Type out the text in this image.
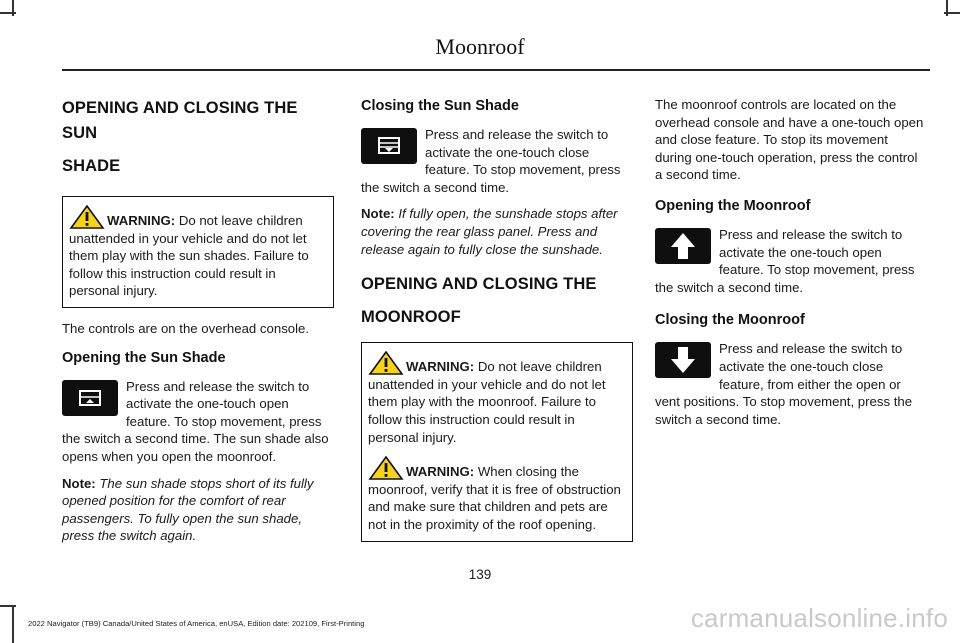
Moonroof
OPENING AND CLOSING THE SUN
SHADE
WARNING: Do not leave children unattended in your vehicle and do not let them play with the sun shades. Failure to follow this instruction could result in personal injury.

The controls are on the overhead console.

Opening the Sun Shade

Press and release the switch to activate the one-touch open feature. To stop movement, press the switch a second time. The sun shade also opens when you open the moonroof.

Note: The sun shade stops short of its fully opened position for the comfort of rear passengers. To fully open the sun shade, press the switch again.

Closing the Sun Shade

Press and release the switch to activate the one-touch close feature. To stop movement, press the switch a second time.

Note: If fully open, the sunshade stops after covering the rear glass panel. Press and release again to fully close the sunshade.

OPENING AND CLOSING THE
MOONROOF
WARNING: Do not leave children unattended in your vehicle and do not let them play with the moonroof. Failure to follow this instruction could result in personal injury.
WARNING: When closing the moonroof, verify that it is free of obstruction and make sure that children and pets are not in the proximity of the roof opening.

The moonroof controls are located on the overhead console and have a one-touch open and close feature. To stop its movement during one-touch operation, press the control a second time.

Opening the Moonroof

Press and release the switch to activate the one-touch open feature. To stop movement, press the switch a second time.

Closing the Moonroof

Press and release the switch to activate the one-touch close feature, from either the open or vent positions. To stop movement, press the switch a second time.

139
2022 Navigator (TB9) Canada/United States of America, enUSA, Edition date: 202109, First-Printing	carmanualsonline.info
